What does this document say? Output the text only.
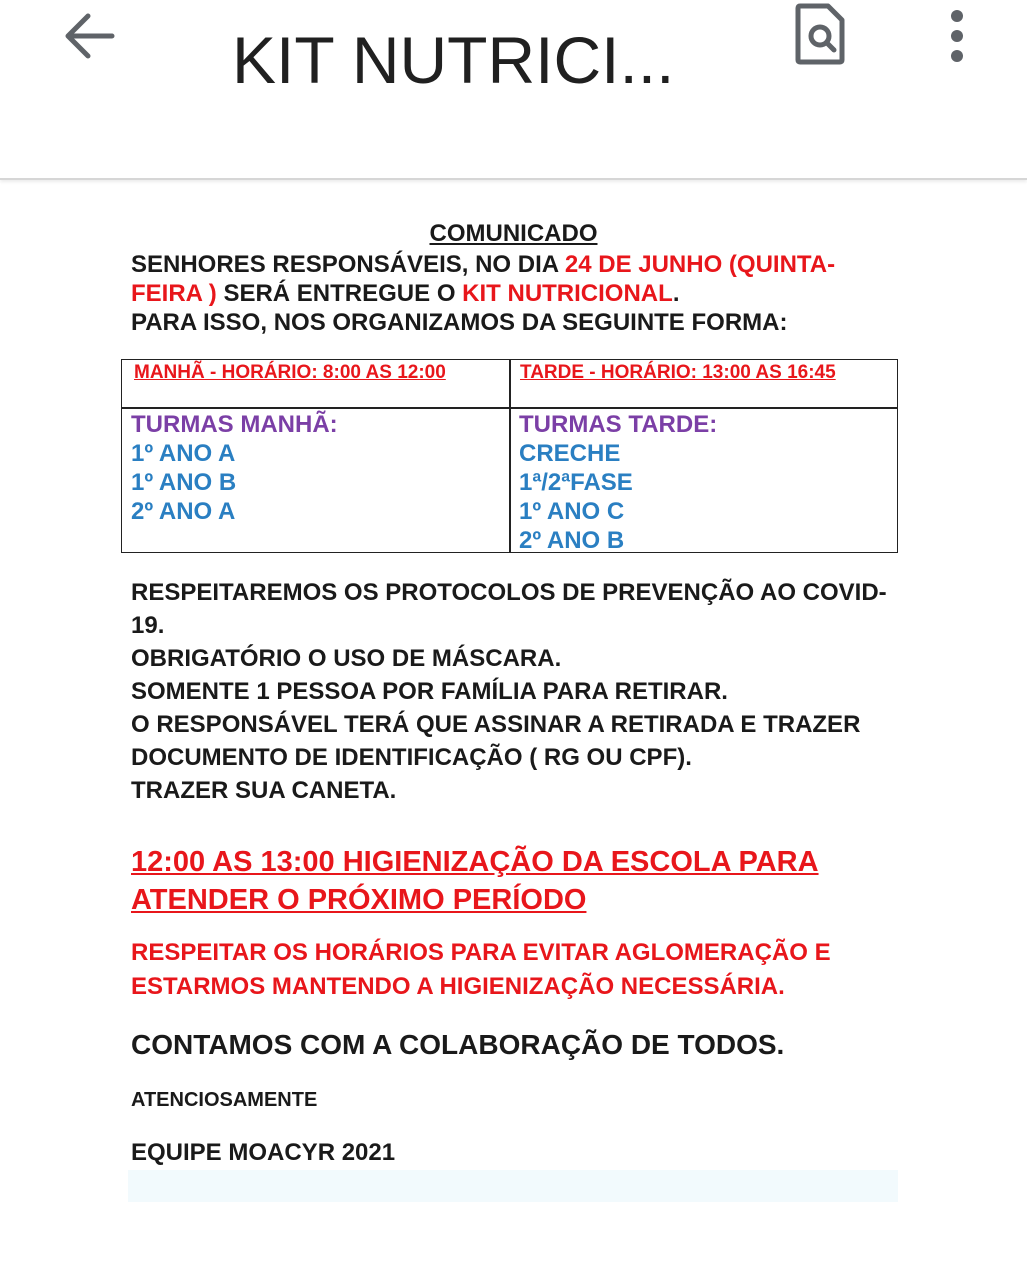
KIT NUTRICI...
COMUNICADO

SENHORES RESPONSÁVEIS, NO DIA 24 DE JUNHO (QUINTA-FEIRA ) SERÁ ENTREGUE O KIT NUTRICIONAL.

PARA ISSO, NOS ORGANIZAMOS DA SEGUINTE FORMA:

MANHÃ - HORÁRIO: 8:00 AS 12:00	TARDE - HORÁRIO: 13:00 AS 16:45
TURMAS MANHÃ:
1º ANO A
1º ANO B
2º ANO A
TURMAS TARDE:
CRECHE
1ª/2ªFASE
1º ANO C
2º ANO B

RESPEITAREMOS OS PROTOCOLOS DE PREVENÇÃO AO COVID-19.

OBRIGATÓRIO O USO DE MÁSCARA.

SOMENTE 1 PESSOA POR FAMÍLIA PARA RETIRAR.

O RESPONSÁVEL TERÁ QUE ASSINAR A RETIRADA E TRAZER DOCUMENTO DE IDENTIFICAÇÃO ( RG OU CPF).

TRAZER SUA CANETA.

12:00 AS 13:00 HIGIENIZAÇÃO DA ESCOLA PARA ATENDER O PRÓXIMO PERÍODO
RESPEITAR OS HORÁRIOS PARA EVITAR AGLOMERAÇÃO E ESTARMOS MANTENDO A HIGIENIZAÇÃO NECESSÁRIA.
CONTAMOS COM A COLABORAÇÃO DE TODOS.
ATENCIOSAMENTE
EQUIPE MOACYR 2021
